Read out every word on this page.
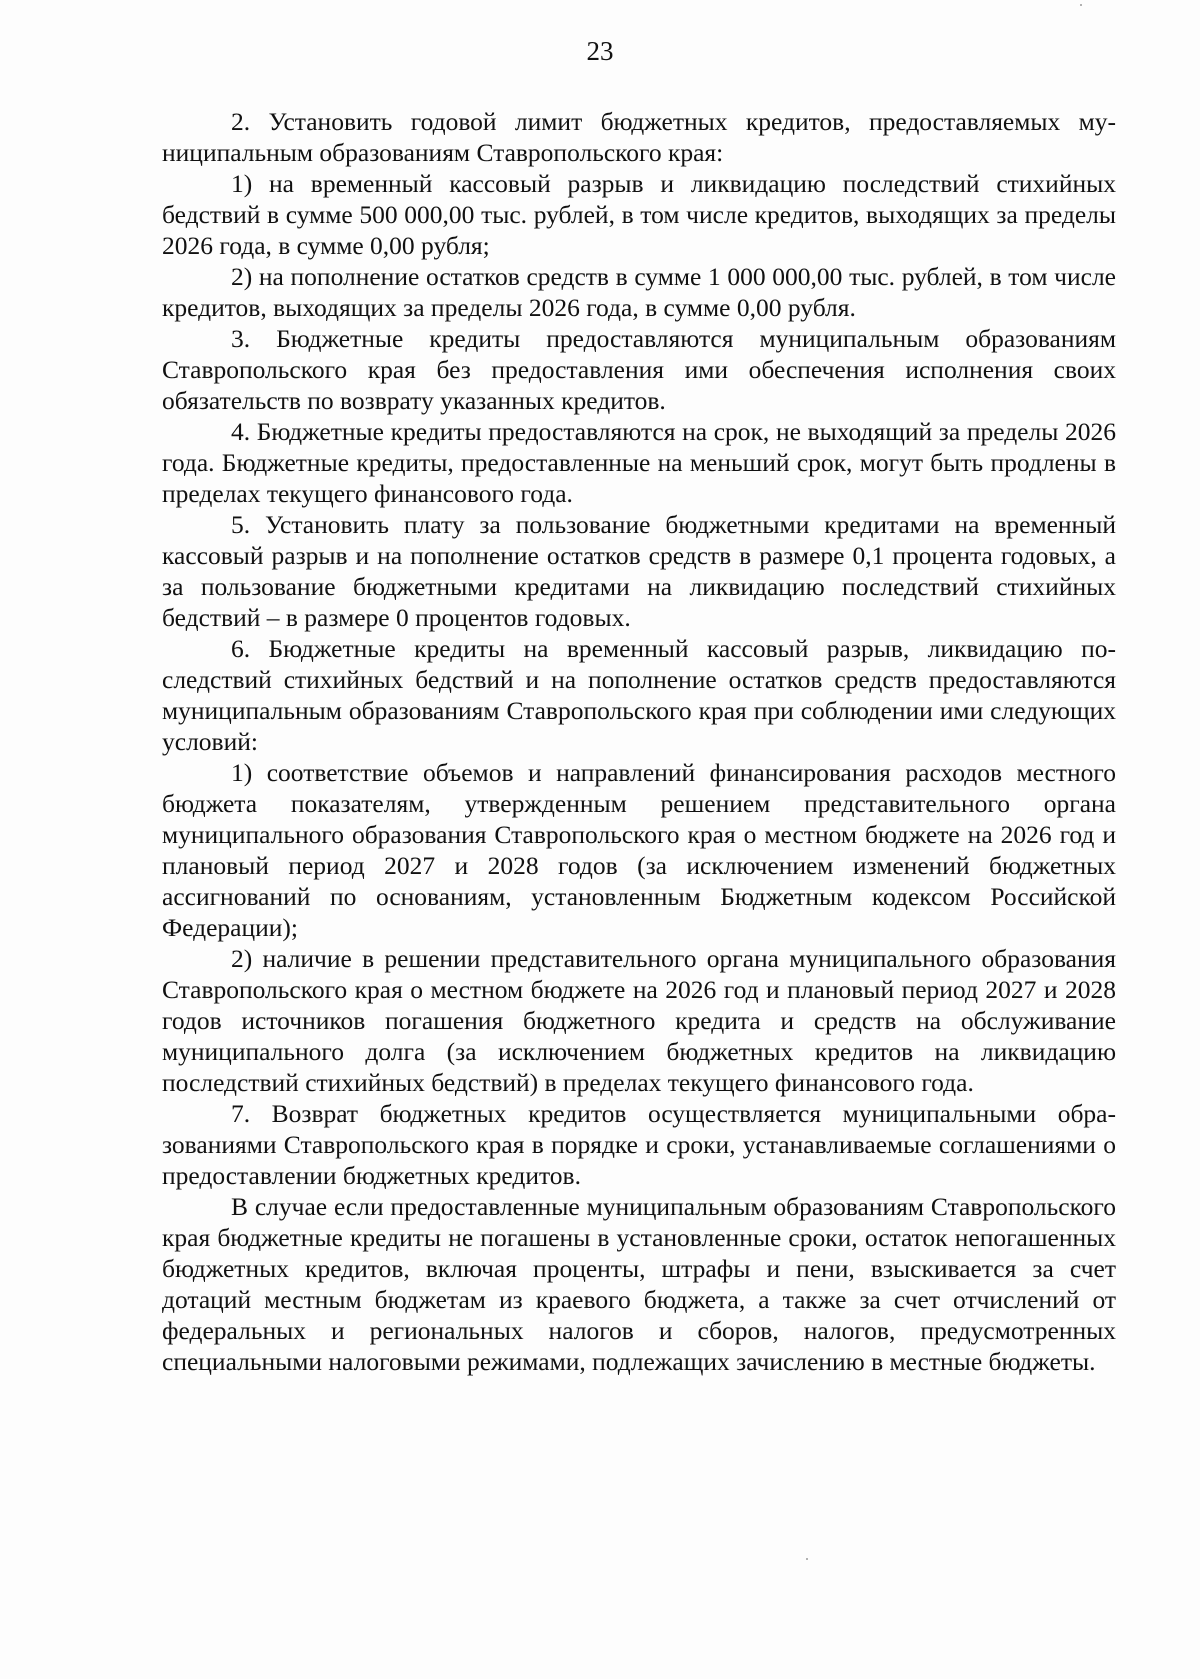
23

2. Установить годовой лимит бюджетных кредитов, предоставляемых муниципальным образованиям Ставропольского края:

1) на временный кассовый разрыв и ликвидацию последствий стихийных бедствий в сумме 500 000,00 тыс. рублей, в том числе кредитов, выходящих за пределы 2026 года, в сумме 0,00 рубля;

2) на пополнение остатков средств в сумме 1 000 000,00 тыс. рублей, в том числе кредитов, выходящих за пределы 2026 года, в сумме 0,00 рубля.

3. Бюджетные кредиты предоставляются муниципальным образованиям Ставропольского края без предоставления ими обеспечения исполнения своих обязательств по возврату указанных кредитов.

4. Бюджетные кредиты предоставляются на срок, не выходящий за пределы 2026 года. Бюджетные кредиты, предоставленные на меньший срок, могут быть продлены в пределах текущего финансового года.

5. Установить плату за пользование бюджетными кредитами на временный кассовый разрыв и на пополнение остатков средств в размере 0,1 процента годовых, а за пользование бюджетными кредитами на ликвидацию последствий стихийных бедствий – в размере 0 процентов годовых.

6. Бюджетные кредиты на временный кассовый разрыв, ликвидацию последствий стихийных бедствий и на пополнение остатков средств предоставляются муниципальным образованиям Ставропольского края при соблюдении ими следующих условий:

1) соответствие объемов и направлений финансирования расходов местного бюджета показателям, утвержденным решением представительного органа муниципального образования Ставропольского края о местном бюджете на 2026 год и плановый период 2027 и 2028 годов (за исключением изменений бюджетных ассигнований по основаниям, установленным Бюджетным кодексом Российской Федерации);

2) наличие в решении представительного органа муниципального образования Ставропольского края о местном бюджете на 2026 год и плановый период 2027 и 2028 годов источников погашения бюджетного кредита и средств на обслуживание муниципального долга (за исключением бюджетных кредитов на ликвидацию последствий стихийных бедствий) в пределах текущего финансового года.

7. Возврат бюджетных кредитов осуществляется муниципальными образованиями Ставропольского края в порядке и сроки, устанавливаемые соглашениями о предоставлении бюджетных кредитов.

В случае если предоставленные муниципальным образованиям Ставропольского края бюджетные кредиты не погашены в установленные сроки, остаток непогашенных бюджетных кредитов, включая проценты, штрафы и пени, взыскивается за счет дотаций местным бюджетам из краевого бюджета, а также за счет отчислений от федеральных и региональных налогов и сборов, налогов, предусмотренных специальными налоговыми режимами, подлежащих зачислению в местные бюджеты.
